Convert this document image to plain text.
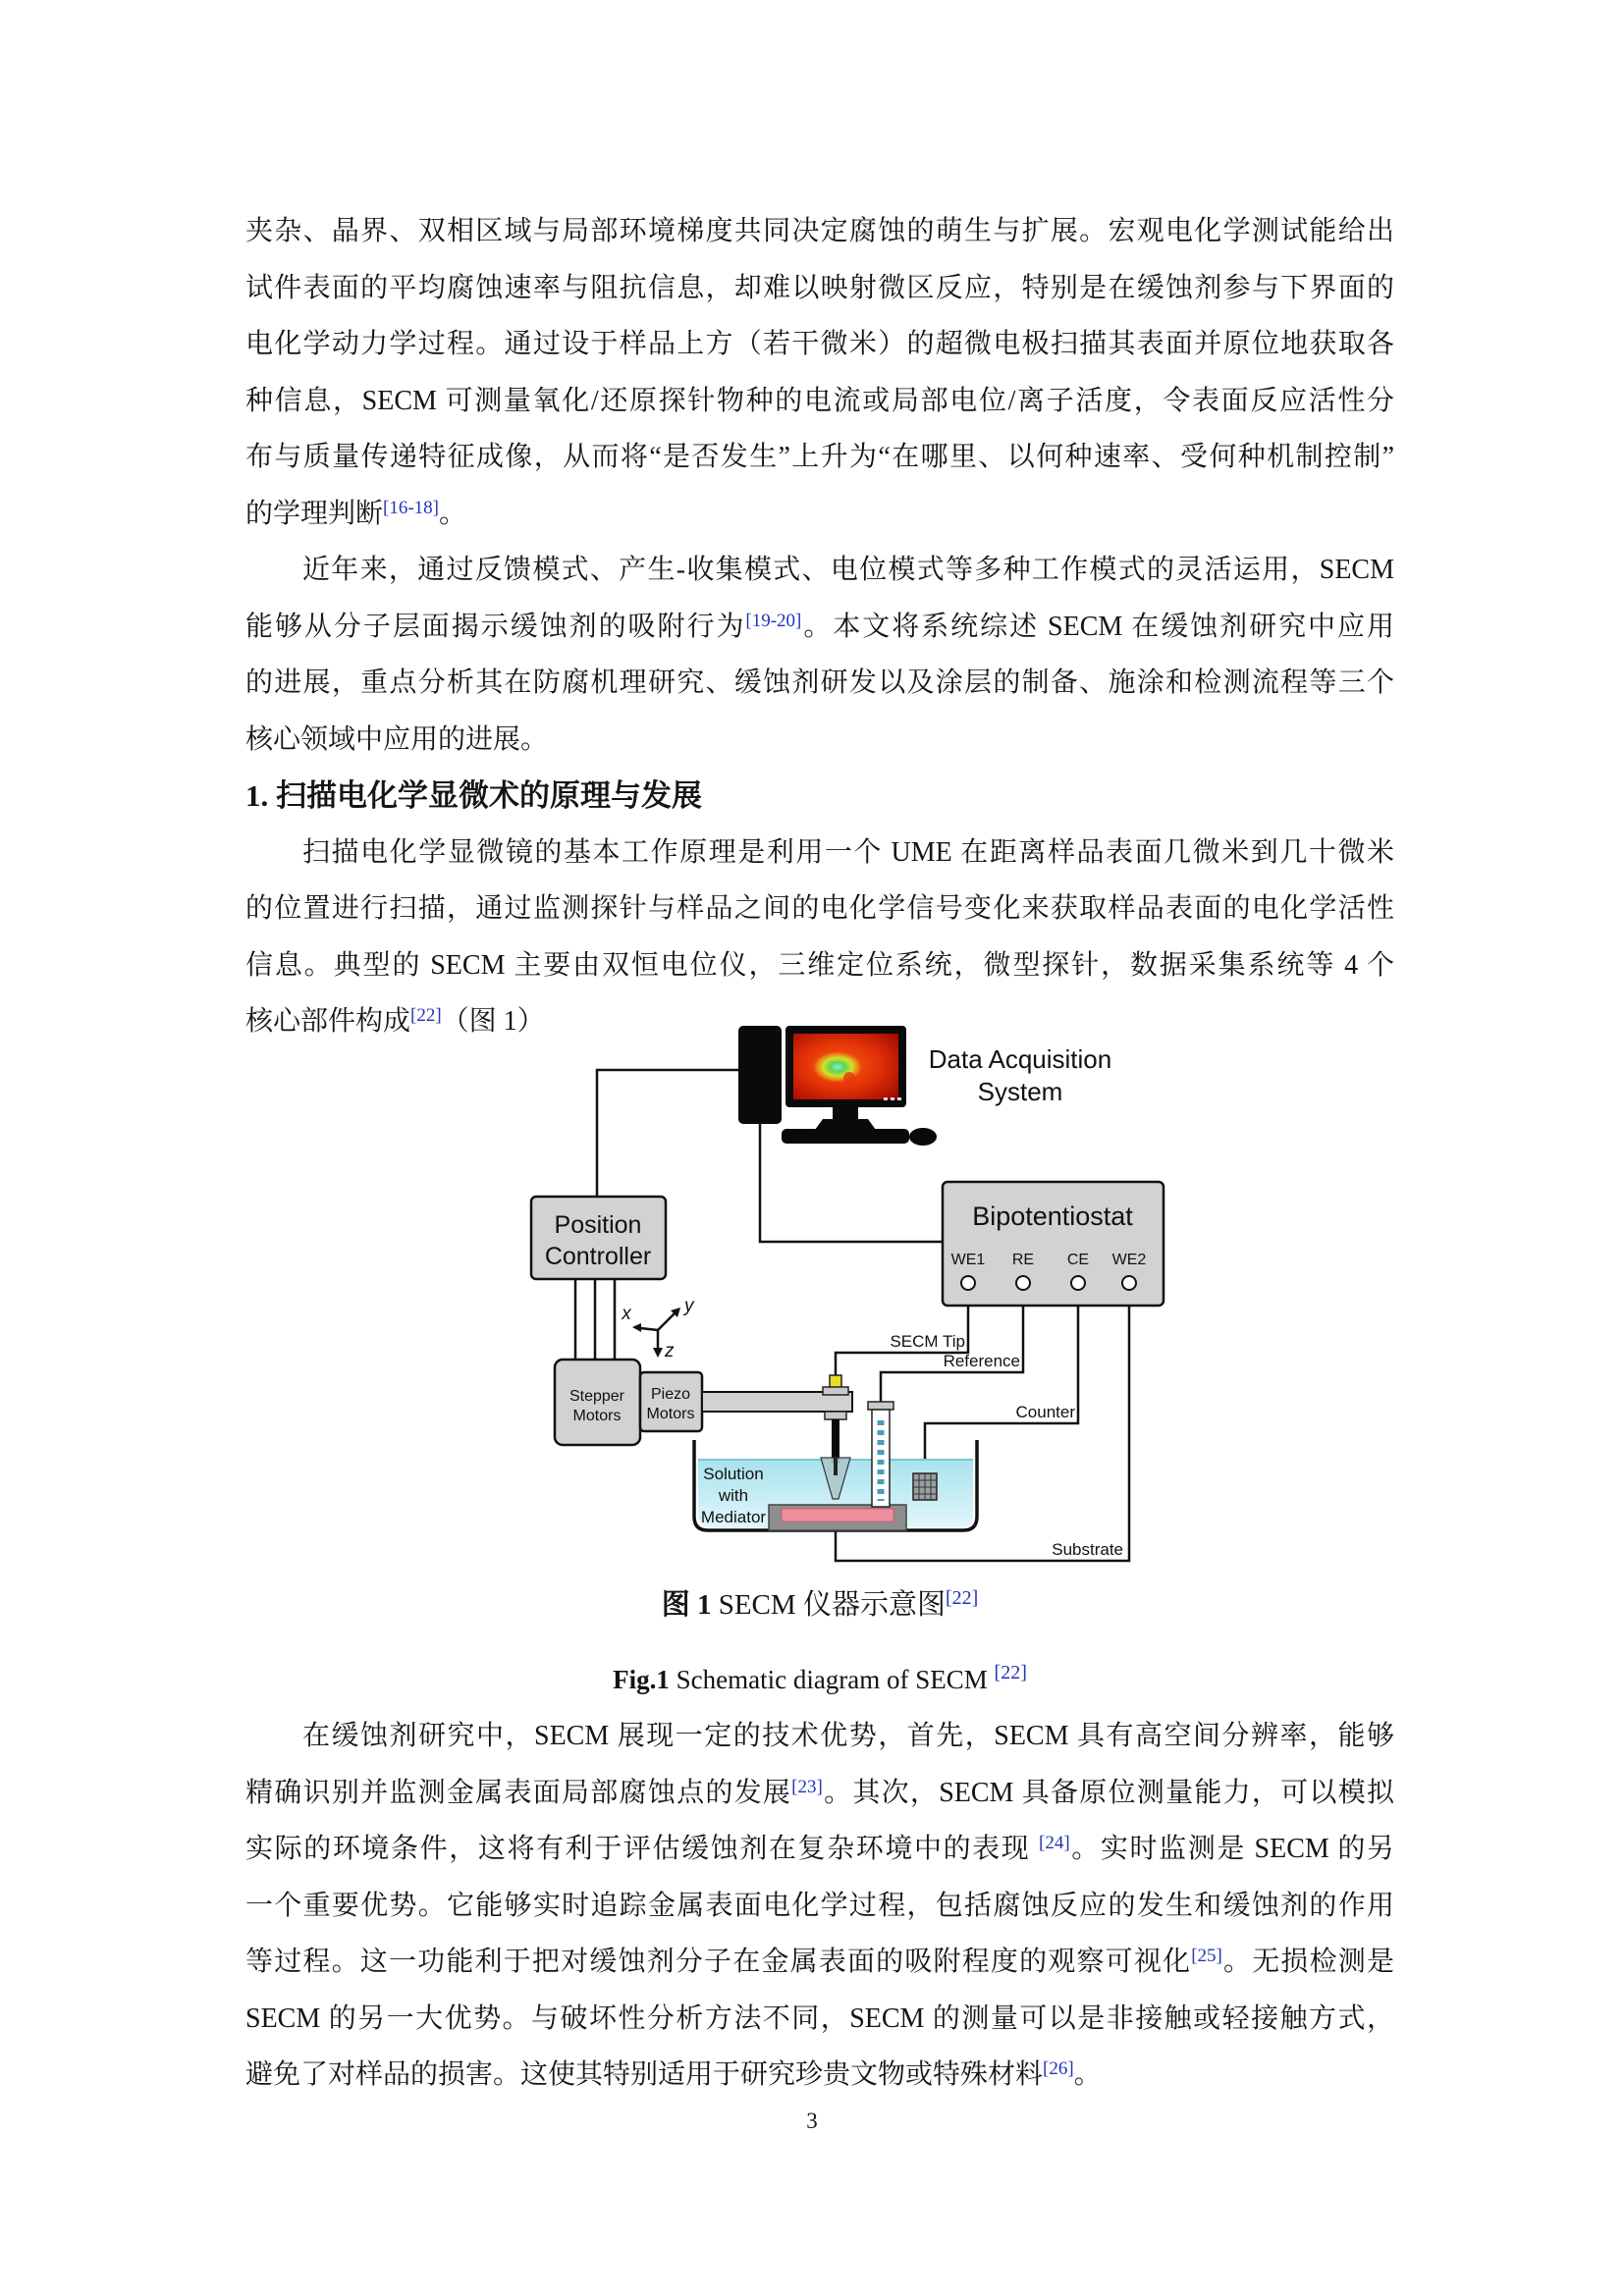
夹杂、晶界、双相区域与局部环境梯度共同决定腐蚀的萌生与扩展。宏观电化学测试能给出
试件表面的平均腐蚀速率与阻抗信息，却难以映射微区反应，特别是在缓蚀剂参与下界面的
电化学动力学过程。通过设于样品上方（若干微米）的超微电极扫描其表面并原位地获取各
种信息，SECM 可测量氧化/还原探针物种的电流或局部电位/离子活度，令表面反应活性分
布与质量传递特征成像，从而将“是否发生”上升为“在哪里、以何种速率、受何种机制控制”
的学理判断[16-18]。
近年来，通过反馈模式、产生-收集模式、电位模式等多种工作模式的灵活运用，SECM
能够从分子层面揭示缓蚀剂的吸附行为[19-20]。本文将系统综述 SECM 在缓蚀剂研究中应用
的进展，重点分析其在防腐机理研究、缓蚀剂研发以及涂层的制备、施涂和检测流程等三个
核心领域中应用的进展。
1. 扫描电化学显微术的原理与发展
扫描电化学显微镜的基本工作原理是利用一个 UME 在距离样品表面几微米到几十微米
的位置进行扫描，通过监测探针与样品之间的电化学信号变化来获取样品表面的电化学活性
信息。典型的 SECM 主要由双恒电位仪，三维定位系统，微型探针，数据采集系统等 4 个
核心部件构成[22]（图 1）
Data Acquisition
System
Position
Controller
Bipotentiostat
WE1 RE CE WE2
x	y
z
Stepper
Motors
Piezo
Motors
SECM Tip
Reference
Counter
Substrate
Solution
with
Mediator
图 1 SECM 仪器示意图[22]
Fig.1 Schematic diagram of SECM [22]
在缓蚀剂研究中，SECM 展现一定的技术优势，首先，SECM 具有高空间分辨率，能够
精确识别并监测金属表面局部腐蚀点的发展[23]。其次，SECM 具备原位测量能力，可以模拟
实际的环境条件，这将有利于评估缓蚀剂在复杂环境中的表现 [24]。实时监测是 SECM 的另
一个重要优势。它能够实时追踪金属表面电化学过程，包括腐蚀反应的发生和缓蚀剂的作用
等过程。这一功能利于把对缓蚀剂分子在金属表面的吸附程度的观察可视化[25]。无损检测是
SECM 的另一大优势。与破坏性分析方法不同，SECM 的测量可以是非接触或轻接触方式，
避免了对样品的损害。这使其特别适用于研究珍贵文物或特殊材料[26]。
3
